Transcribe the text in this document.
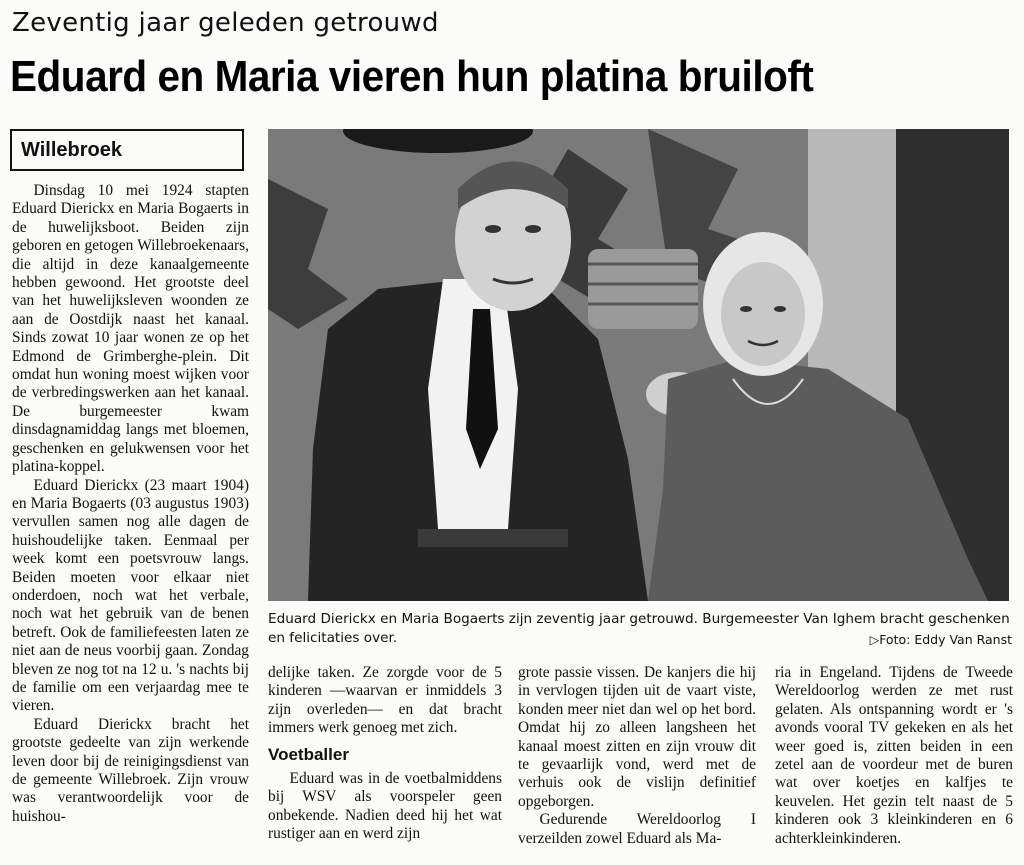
Zeventig jaar geleden getrouwd
Eduard en Maria vieren hun platina bruiloft
Willebroek

Dinsdag 10 mei 1924 stapten Eduard Dierickx en Maria Bogaerts in de huwelijksboot. Beiden zijn geboren en getogen Willebroekenaars, die altijd in deze kanaalgemeente hebben gewoond. Het grootste deel van het huwelijksleven woonden ze aan de Oostdijk naast het kanaal. Sinds zowat 10 jaar wonen ze op het Edmond de Grimberghe-plein. Dit omdat hun woning moest wijken voor de verbredingswerken aan het kanaal. De burgemeester kwam dinsdagnamiddag langs met bloemen, geschenken en gelukwensen voor het platina-koppel.

Eduard Dierickx (23 maart 1904) en Maria Bogaerts (03 augustus 1903) vervullen samen nog alle dagen de huishoudelijke taken. Eenmaal per week komt een poetsvrouw langs. Beiden moeten voor elkaar niet onderdoen, noch wat het verbale, noch wat het gebruik van de benen betreft. Ook de familiefeesten laten ze niet aan de neus voorbij gaan. Zondag bleven ze nog tot na 12 u. 's nachts bij de familie om een verjaardag mee te vieren.

Eduard Dierickx bracht het grootste gedeelte van zijn werkende leven door bij de reinigingsdienst van de gemeente Willebroek. Zijn vrouw was verantwoordelijk voor de huishou-

Eduard Dierickx en Maria Bogaerts zijn zeventig jaar getrouwd. Burgemeester Van Ighem bracht geschenken en felicitaties over.	▷Foto: Eddy Van Ranst

delijke taken. Ze zorgde voor de 5 kinderen —waarvan er inmiddels 3 zijn overleden— en dat bracht immers werk genoeg met zich.

Voetballer

Eduard was in de voetbalmiddens bij WSV als voorspeler geen onbekende. Nadien deed hij het wat rustiger aan en werd zijn

grote passie vissen. De kanjers die hij in vervlogen tijden uit de vaart viste, konden meer niet dan wel op het bord. Omdat hij zo alleen langsheen het kanaal moest zitten en zijn vrouw dit te gevaarlijk vond, werd met de verhuis ook de vislijn definitief opgeborgen.

Gedurende Wereldoorlog I verzeilden zowel Eduard als Ma-

ria in Engeland. Tijdens de Tweede Wereldoorlog werden ze met rust gelaten. Als ontspanning wordt er 's avonds vooral TV gekeken en als het weer goed is, zitten beiden in een zetel aan de voordeur met de buren wat over koetjes en kalfjes te keuvelen. Het gezin telt naast de 5 kinderen ook 3 kleinkinderen en 6 achterkleinkinderen.
